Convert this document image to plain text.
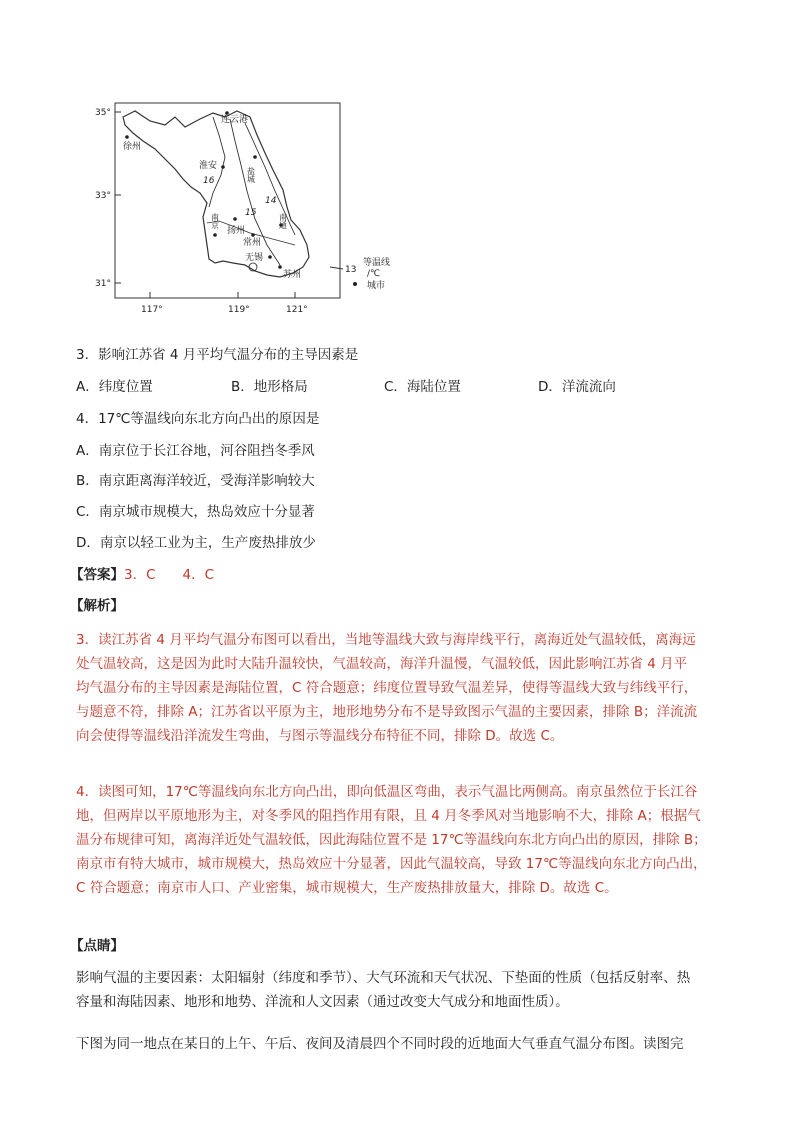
35°
33°
31°
117°	119°	121°
16
15
14
徐州
连云港
淮安
盐城
南京
扬州
常州
南通
无锡
苏州	13
等温线
/℃
城市
3．影响江苏省 4 月平均气温分布的主导因素是
A．纬度位置	B．地形格局	C．海陆位置	D．洋流流向
4．17℃等温线向东北方向凸出的原因是
A．南京位于长江谷地，河谷阻挡冬季风
B．南京距离海洋较近，受海洋影响较大
C．南京城市规模大，热岛效应十分显著
D．南京以轻工业为主，生产废热排放少
【答案】3．C　　4．C
【解析】
3．读江苏省 4 月平均气温分布图可以看出，当地等温线大致与海岸线平行，离海近处气温较低，离海远
处气温较高，这是因为此时大陆升温较快，气温较高，海洋升温慢，气温较低，因此影响江苏省 4 月平
均气温分布的主导因素是海陆位置，C 符合题意；纬度位置导致气温差异，使得等温线大致与纬线平行，
与题意不符，排除 A；江苏省以平原为主，地形地势分布不是导致图示气温的主要因素，排除 B；洋流流
向会使得等温线沿洋流发生弯曲，与图示等温线分布特征不同，排除 D。故选 C。
4．读图可知，17℃等温线向东北方向凸出，即向低温区弯曲，表示气温比两侧高。南京虽然位于长江谷
地，但两岸以平原地形为主，对冬季风的阻挡作用有限，且 4 月冬季风对当地影响不大，排除 A；根据气
温分布规律可知，离海洋近处气温较低，因此海陆位置不是 17℃等温线向东北方向凸出的原因，排除 B；
南京市有特大城市，城市规模大，热岛效应十分显著，因此气温较高，导致 17℃等温线向东北方向凸出，
C 符合题意；南京市人口、产业密集，城市规模大，生产废热排放量大，排除 D。故选 C。
【点睛】
影响气温的主要因素：太阳辐射（纬度和季节）、大气环流和天气状况、下垫面的性质（包括反射率、热
容量和海陆因素、地形和地势、洋流和人文因素（通过改变大气成分和地面性质）。
下图为同一地点在某日的上午、午后、夜间及清晨四个不同时段的近地面大气垂直气温分布图。读图完
